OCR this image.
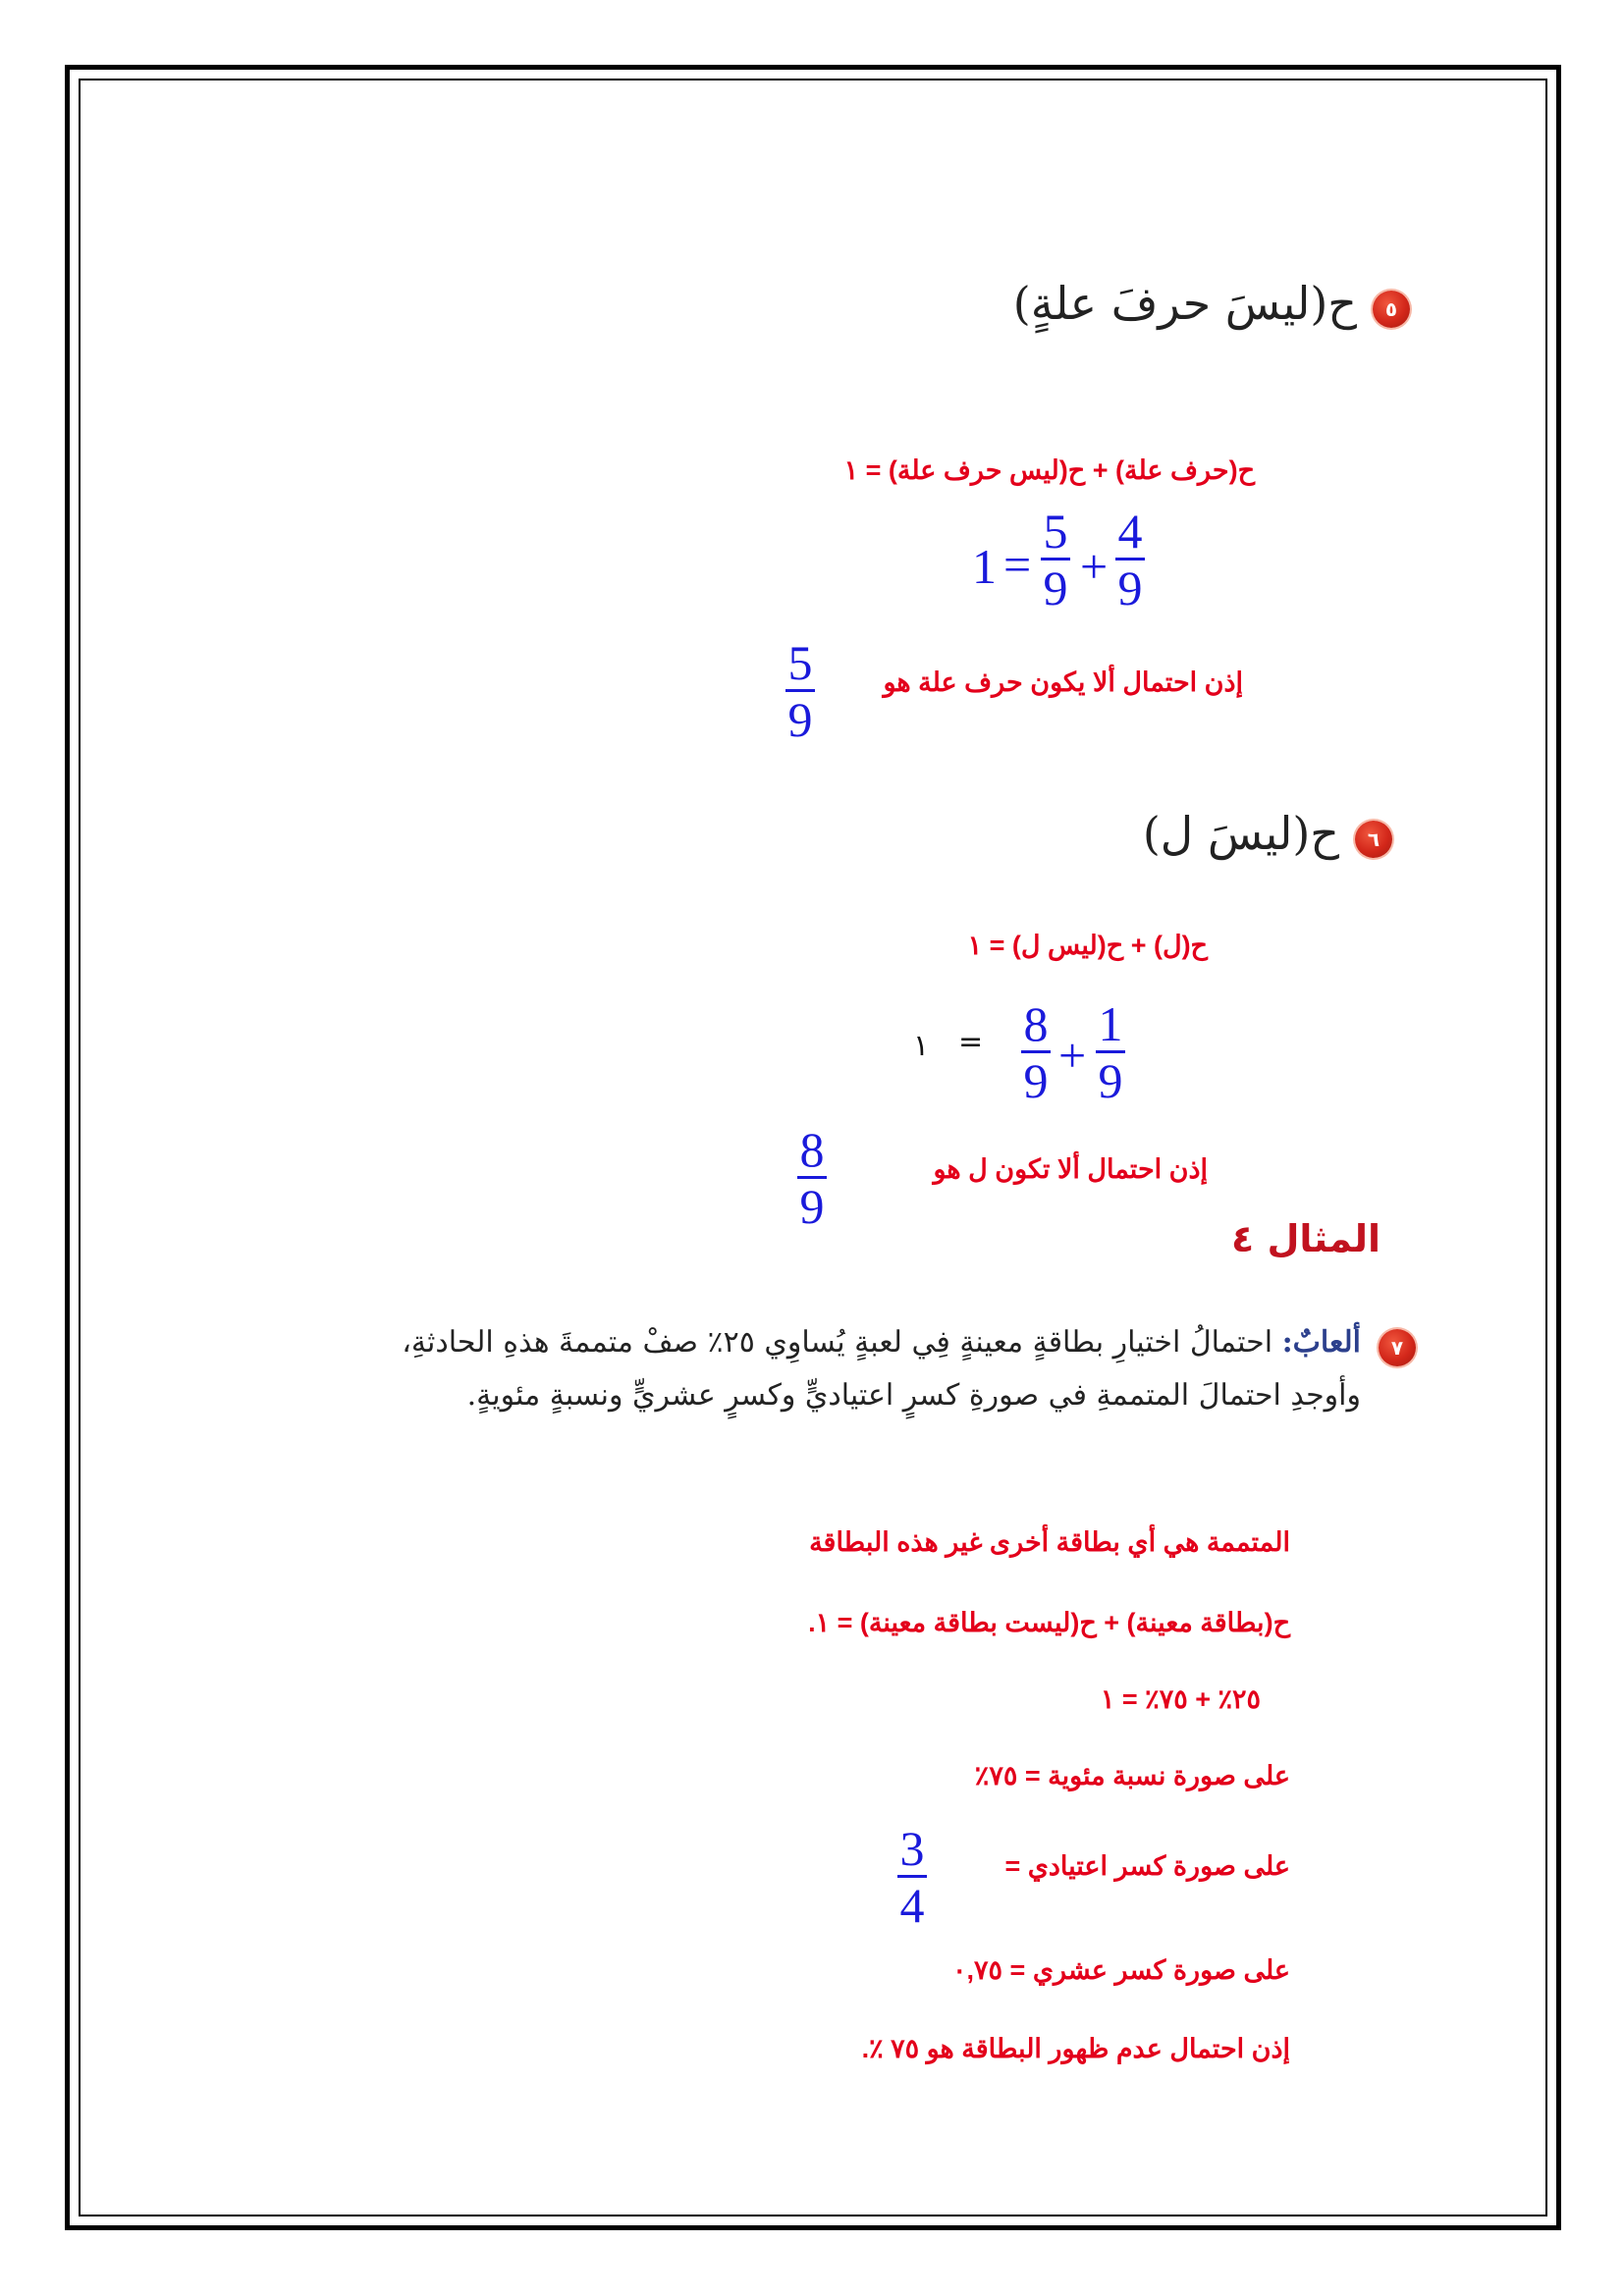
٥
ح(ليسَ حرفَ علةٍ)
ح(حرف علة) + ح(ليس حرف علة) = ١
1 =
5
9 +
4
9
إذن احتمال ألا يكون حرف علة هو
5
9
٦
ح(ليسَ ل)
ح(ل) + ح(ليس ل) = ١
١ = 8
9 +
1
9
إذن احتمال ألا تكون ل هو
8
9
المثال ٤
٧
ألعابٌ: احتمالُ اختيارِ بطاقةٍ معينةٍ فِي لعبةٍ يُساوِي ٢٥٪ صفْ متممةَ هذهِ الحادثةِ،
وأوجدِ احتمالَ المتممةِ في صورةِ كسرٍ اعتياديٍّ وكسرٍ عشريٍّ ونسبةٍ مئويةٍ.
المتممة هي أي بطاقة أخرى غير هذه البطاقة
ح(بطاقة معينة) + ح(ليست بطاقة معينة) = ١.
٢٥٪ + ٧٥٪ = ١
على صورة نسبة مئوية = ٧٥٪
على صورة كسر اعتيادي =
3
4
على صورة كسر عشري = ٠,٧٥
إذن احتمال عدم ظهور البطاقة هو ٧٥ ٪.
